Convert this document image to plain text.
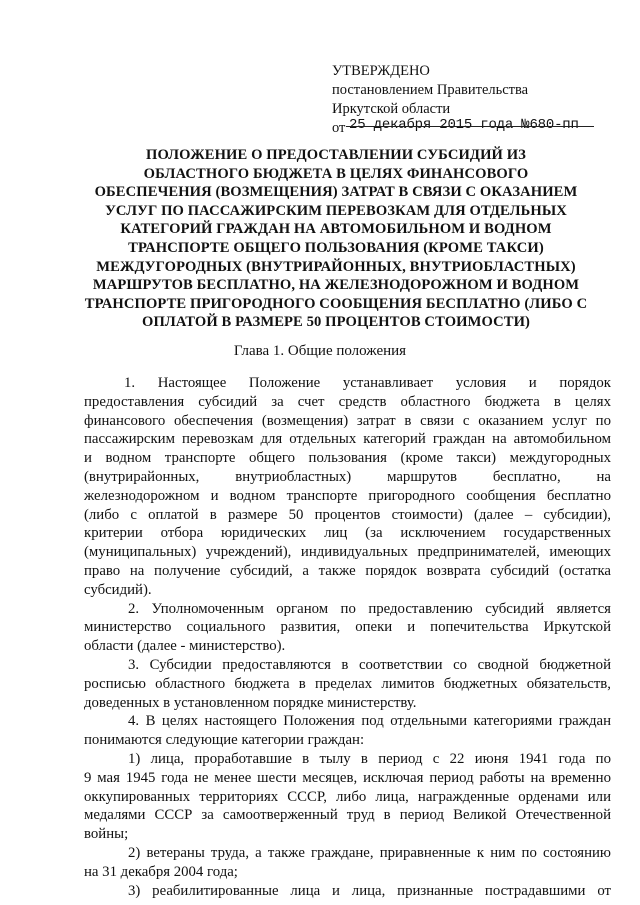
УТВЕРЖДЕНО
постановлением Правительства
Иркутской области
от 25 декабря 2015 года №680-пп
ПОЛОЖЕНИЕ О ПРЕДОСТАВЛЕНИИ СУБСИДИЙ ИЗ
ОБЛАСТНОГО БЮДЖЕТА В ЦЕЛЯХ ФИНАНСОВОГО
ОБЕСПЕЧЕНИЯ (ВОЗМЕЩЕНИЯ) ЗАТРАТ В СВЯЗИ С ОКАЗАНИЕМ
УСЛУГ ПО ПАССАЖИРСКИМ ПЕРЕВОЗКАМ ДЛЯ ОТДЕЛЬНЫХ
КАТЕГОРИЙ ГРАЖДАН НА АВТОМОБИЛЬНОМ И ВОДНОМ
ТРАНСПОРТЕ ОБЩЕГО ПОЛЬЗОВАНИЯ (КРОМЕ ТАКСИ)
МЕЖДУГОРОДНЫХ (ВНУТРИРАЙОННЫХ, ВНУТРИОБЛАСТНЫХ)
МАРШРУТОВ БЕСПЛАТНО, НА ЖЕЛЕЗНОДОРОЖНОМ И ВОДНОМ
ТРАНСПОРТЕ ПРИГОРОДНОГО СООБЩЕНИЯ БЕСПЛАТНО (ЛИБО С
ОПЛАТОЙ В РАЗМЕРЕ 50 ПРОЦЕНТОВ СТОИМОСТИ)
Глава 1. Общие положения
1. Настоящее Положение устанавливает условия и порядок
предоставления субсидий за счет средств областного бюджета в целях
финансового обеспечения (возмещения) затрат в связи с оказанием услуг по
пассажирским перевозкам для отдельных категорий граждан на автомобильном
и водном транспорте общего пользования (кроме такси) междугородных
(внутрирайонных, внутриобластных) маршрутов бесплатно, на
железнодорожном и водном транспорте пригородного сообщения бесплатно
(либо с оплатой в размере 50 процентов стоимости) (далее – субсидии),
критерии отбора юридических лиц (за исключением государственных
(муниципальных) учреждений), индивидуальных предпринимателей, имеющих
право на получение субсидий, а также порядок возврата субсидий (остатка
субсидий).
2. Уполномоченным органом по предоставлению субсидий является
министерство социального развития, опеки и попечительства Иркутской
области (далее - министерство).
3. Субсидии предоставляются в соответствии со сводной бюджетной
росписью областного бюджета в пределах лимитов бюджетных обязательств,
доведенных в установленном порядке министерству.
4. В целях настоящего Положения под отдельными категориями граждан
понимаются следующие категории граждан:
1) лица, проработавшие в тылу в период с 22 июня 1941 года по
9 мая 1945 года не менее шести месяцев, исключая период работы на временно
оккупированных территориях СССР, либо лица, награжденные орденами или
медалями СССР за самоотверженный труд в период Великой Отечественной
войны;
2) ветераны труда, а также граждане, приравненные к ним по состоянию
на 31 декабря 2004 года;
3) реабилитированные лица и лица, признанные пострадавшими от
